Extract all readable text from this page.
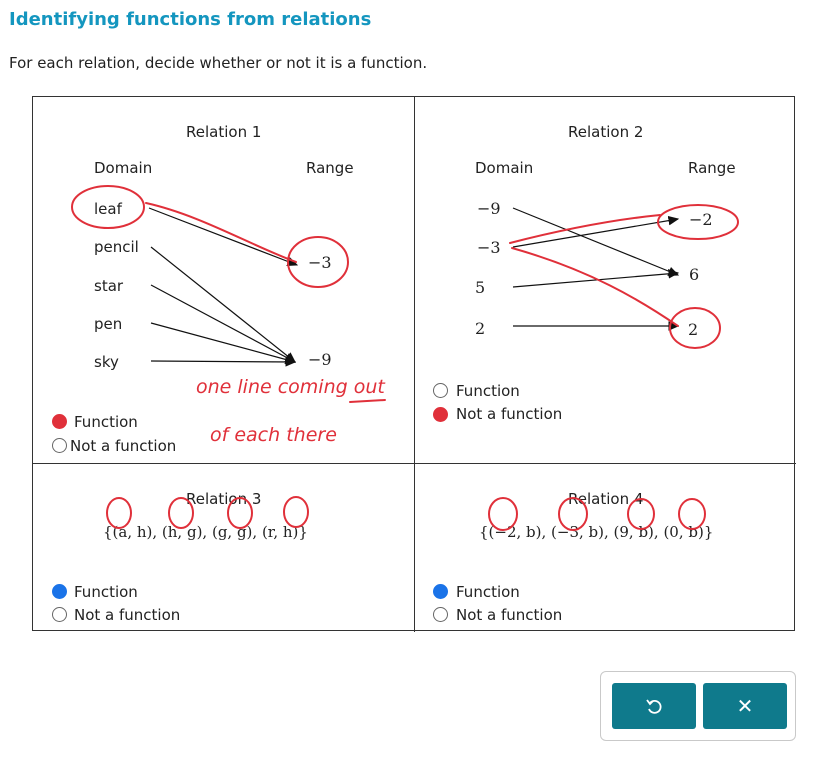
Identifying functions from relations
For each relation, decide whether or not it is a function.
Relation 1
Domain	Range
leaf
pencil
star
pen
sky
−3
−9
Function
Not a function
Relation 2
Domain	Range
−9
−3
5
2
−2
6
2
Function
Not a function
Relation 3
{(a, h), (h, g), (g, g), (r, h)}
Function
Not a function
Relation 4
{(−2, b), (−3, b), (9, b), (0, b)}
Function
Not a function
one line coming out
of each there
✕
